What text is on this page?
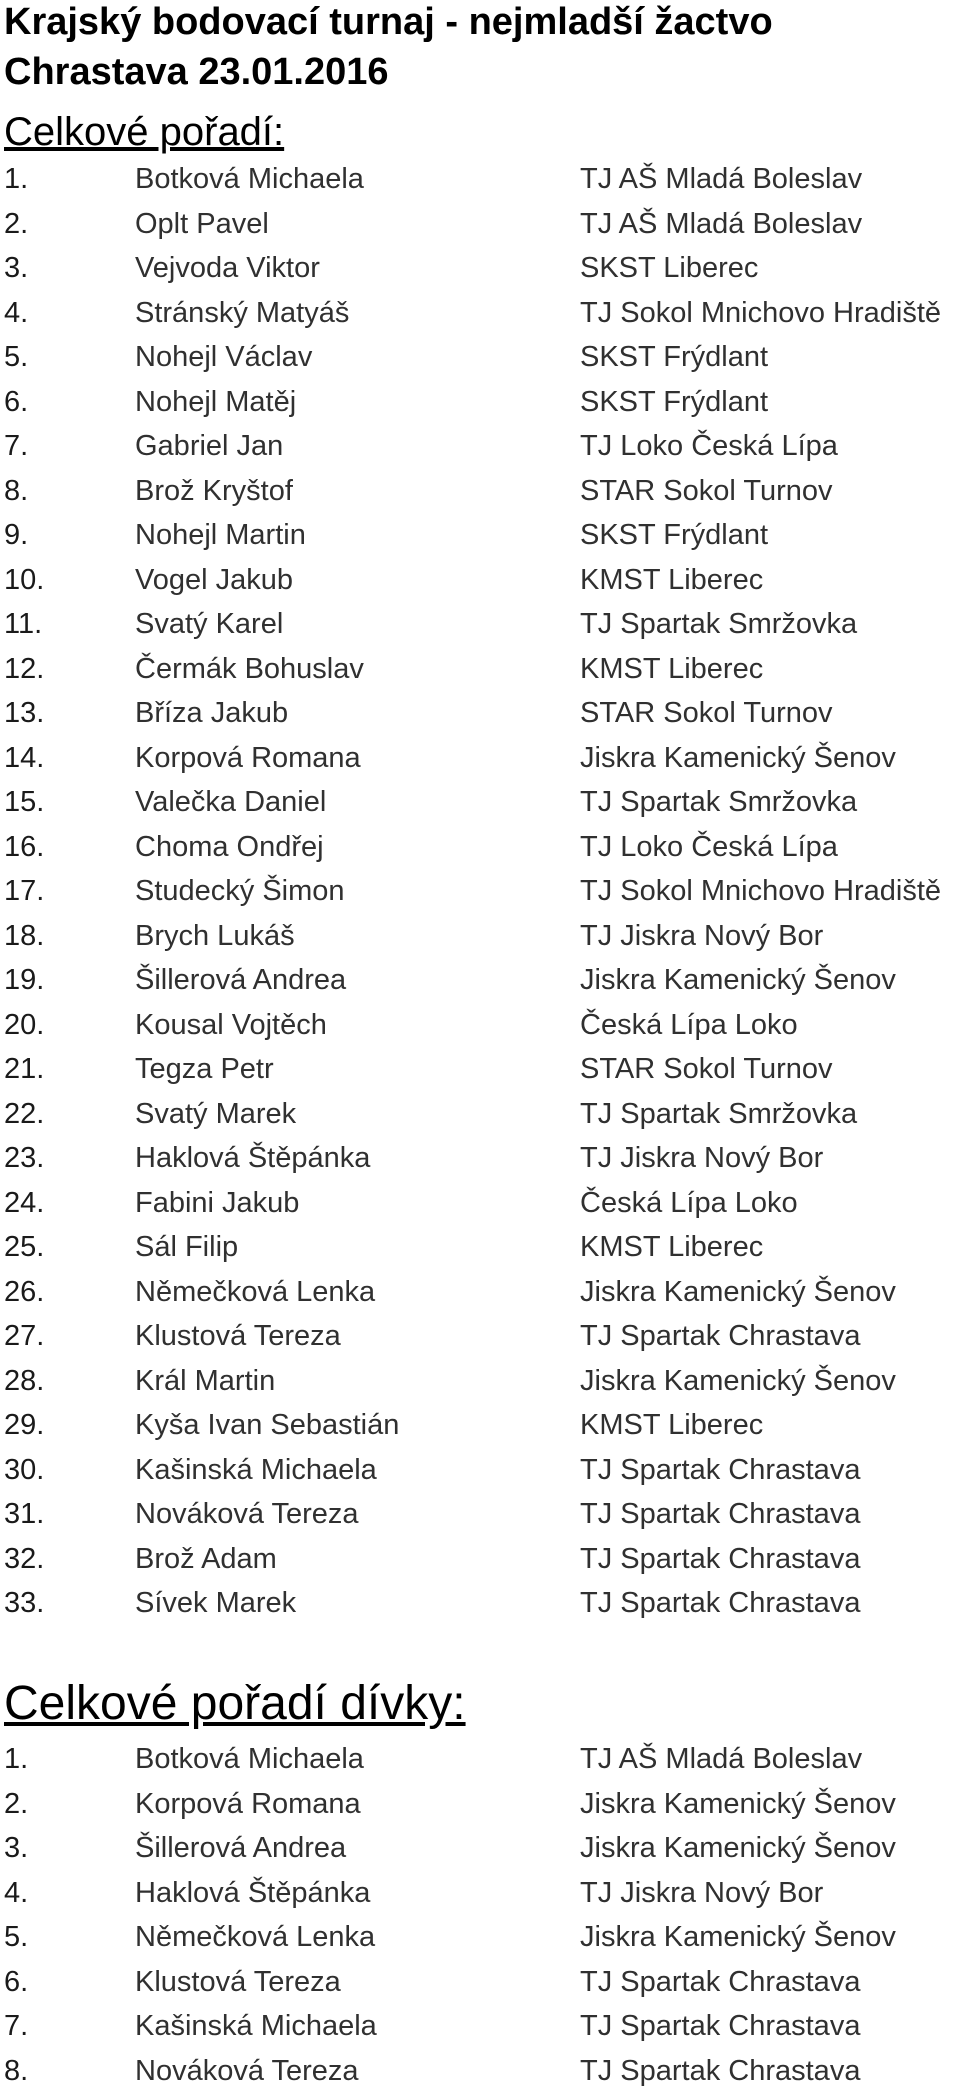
Krajský bodovací turnaj - nejmladší žactvo
Chrastava 23.01.2016
Celkové pořadí:
1.	Botková Michaela	TJ AŠ Mladá Boleslav
2.	Oplt Pavel	TJ AŠ Mladá Boleslav
3.	Vejvoda Viktor	SKST Liberec
4.	Stránský Matyáš	TJ Sokol Mnichovo Hradiště
5.	Nohejl Václav	SKST Frýdlant
6.	Nohejl Matěj	SKST Frýdlant
7.	Gabriel Jan	TJ Loko Česká Lípa
8.	Brož Kryštof	STAR Sokol Turnov
9.	Nohejl Martin	SKST Frýdlant
10.	Vogel Jakub	KMST Liberec
11.	Svatý Karel	TJ Spartak Smržovka
12.	Čermák Bohuslav	KMST Liberec
13.	Bříza Jakub	STAR Sokol Turnov
14.	Korpová Romana	Jiskra Kamenický Šenov
15.	Valečka Daniel	TJ Spartak Smržovka
16.	Choma Ondřej	TJ Loko Česká Lípa
17.	Studecký Šimon	TJ Sokol Mnichovo Hradiště
18.	Brych Lukáš	TJ Jiskra Nový Bor
19.	Šillerová Andrea	Jiskra Kamenický Šenov
20.	Kousal Vojtěch	Česká Lípa Loko
21.	Tegza Petr	STAR Sokol Turnov
22.	Svatý Marek	TJ Spartak Smržovka
23.	Haklová Štěpánka	TJ Jiskra Nový Bor
24.	Fabini Jakub	Česká Lípa Loko
25.	Sál Filip	KMST Liberec
26.	Němečková Lenka	Jiskra Kamenický Šenov
27.	Klustová Tereza	TJ Spartak Chrastava
28.	Král Martin	Jiskra Kamenický Šenov
29.	Kyša Ivan Sebastián	KMST Liberec
30.	Kašinská Michaela	TJ Spartak Chrastava
31.	Nováková Tereza	TJ Spartak Chrastava
32.	Brož Adam	TJ Spartak Chrastava
33.	Sívek Marek	TJ Spartak Chrastava
Celkové pořadí dívky:
1.	Botková Michaela	TJ AŠ Mladá Boleslav
2.	Korpová Romana	Jiskra Kamenický Šenov
3.	Šillerová Andrea	Jiskra Kamenický Šenov
4.	Haklová Štěpánka	TJ Jiskra Nový Bor
5.	Němečková Lenka	Jiskra Kamenický Šenov
6.	Klustová Tereza	TJ Spartak Chrastava
7.	Kašinská Michaela	TJ Spartak Chrastava
8.	Nováková Tereza	TJ Spartak Chrastava
